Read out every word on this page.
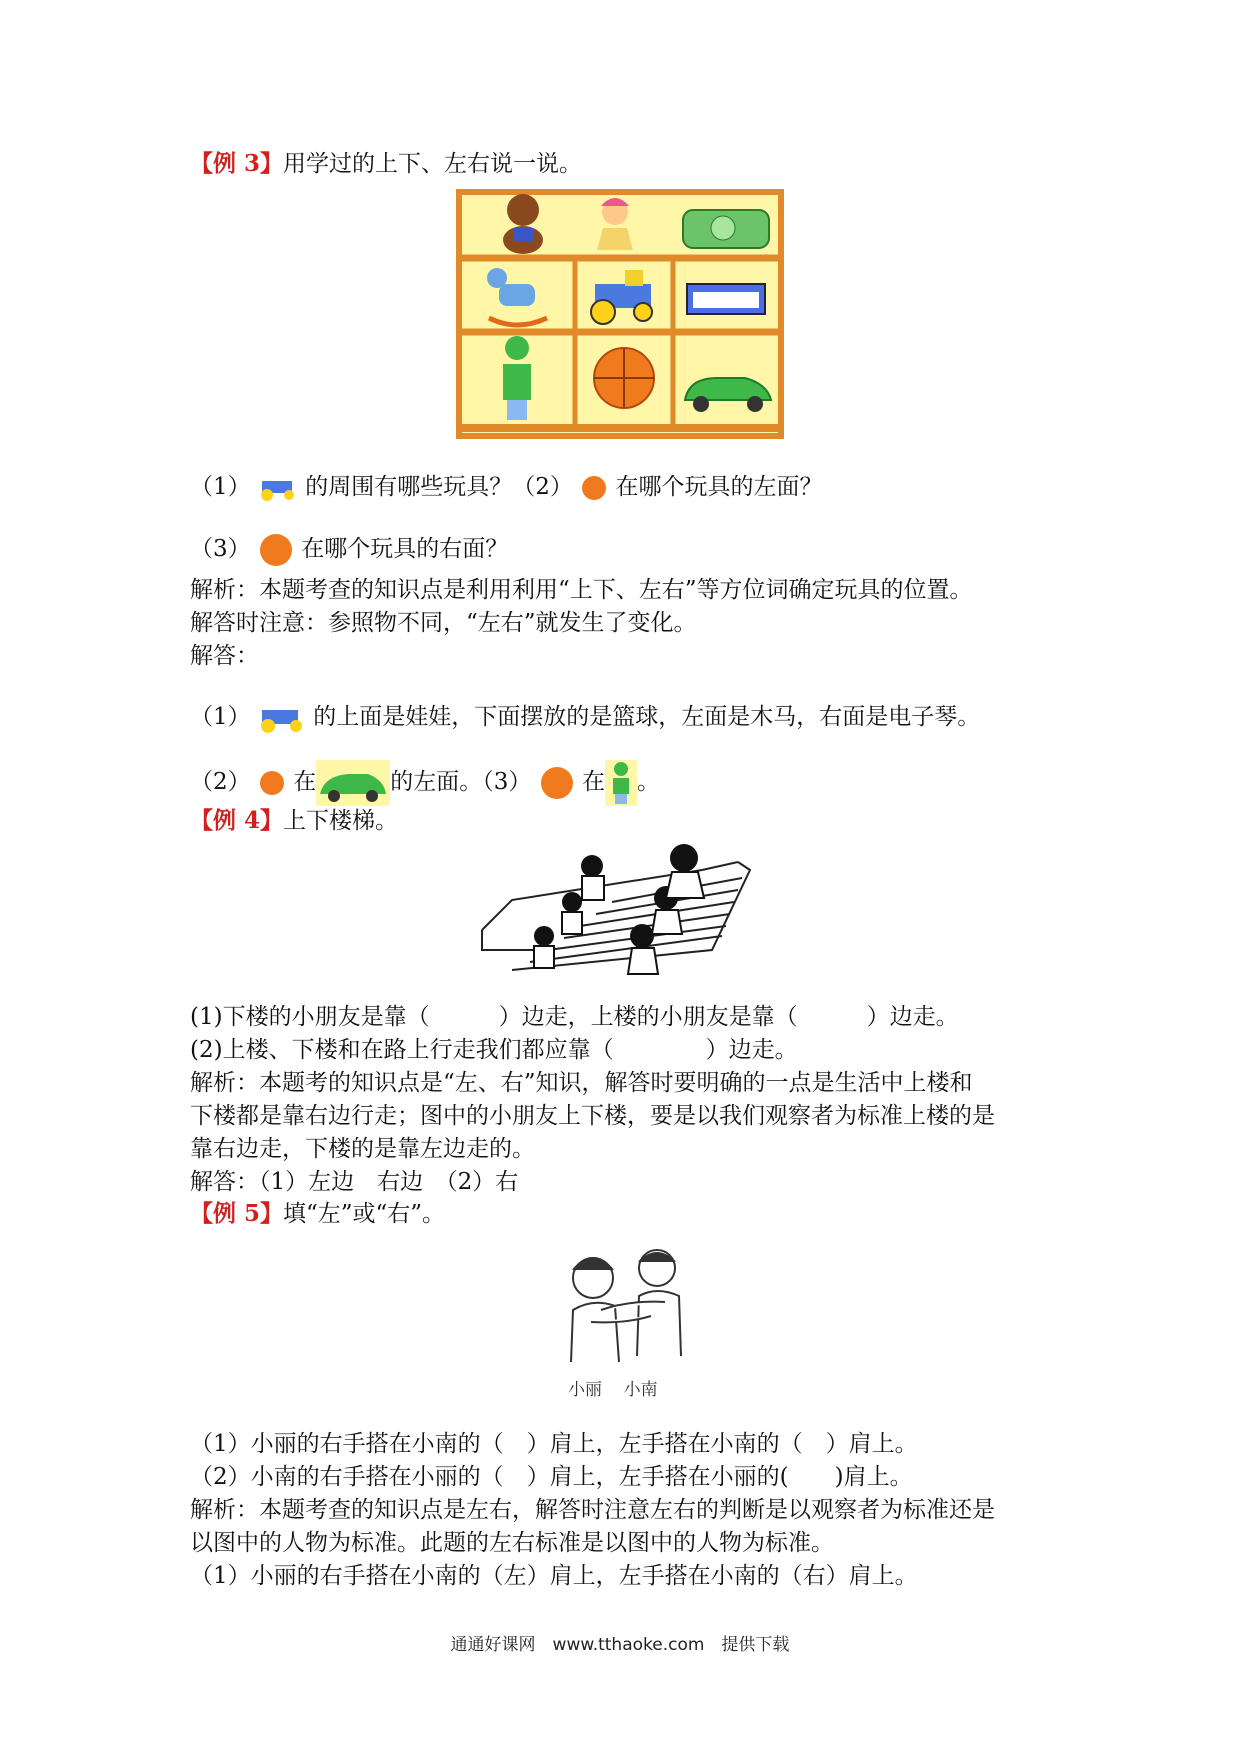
【例 3】用学过的上下、左右说一说。
（1） 的周围有哪些玩具？（2） 在哪个玩具的左面？
（3） 在哪个玩具的右面？
解析：本题考查的知识点是利用利用“上下、左右”等方位词确定玩具的位置。
解答时注意：参照物不同，“左右”就发生了变化。
解答：
（1）	的上面是娃娃，下面摆放的是篮球，左面是木马，右面是电子琴。
（2） 在	的左面。（3） 在 。
【例 4】上下楼梯。
(1)下楼的小朋友是靠（　　　）边走，上楼的小朋友是靠（　　　）边走。
(2)上楼、下楼和在路上行走我们都应靠（　　　　）边走。
解析：本题考的知识点是“左、右”知识，解答时要明确的一点是生活中上楼和
下楼都是靠右边行走；图中的小朋友上下楼，要是以我们观察者为标准上楼的是
靠右边走，下楼的是靠左边走的。
解答：（1）左边　右边　（2）右
【例 5】填“左”或“右”。
小丽 小南
（1）小丽的右手搭在小南的（　）肩上，左手搭在小南的（　）肩上。
（2）小南的右手搭在小丽的（　）肩上，左手搭在小丽的(　　)肩上。
解析：本题考查的知识点是左右，解答时注意左右的判断是以观察者为标准还是
以图中的人物为标准。此题的左右标准是以图中的人物为标准。
（1）小丽的右手搭在小南的（左）肩上，左手搭在小南的（右）肩上。
通通好课网　www.tthaoke.com　提供下载
